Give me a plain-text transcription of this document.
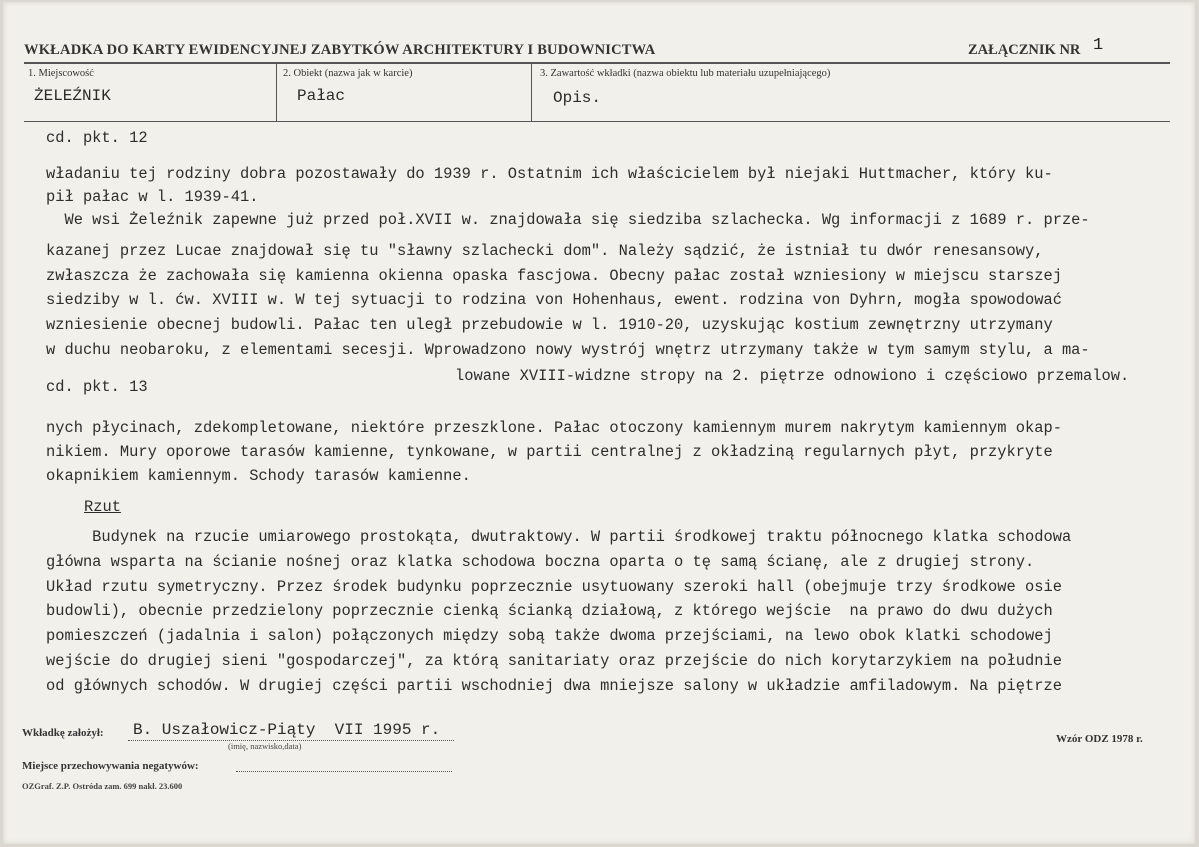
WKŁADKA DO KARTY EWIDENCYJNEJ ZABYTKÓW ARCHITEKTURY I BUDOWNICTWA	ZAŁĄCZNIK NR 1
1. Miejscowość
ŻELEŹNIK
2. Obiekt (nazwa jak w karcie)
Pałac
3. Zawartość wkładki (nazwa obiektu lub materiału uzupełniającego)
Opis.
cd. pkt. 12
władaniu tej rodziny dobra pozostawały do 1939 r. Ostatnim ich właścicielem był niejaki Huttmacher, który ku-
pił pałac w l. 1939-41.
We wsi Żeleźnik zapewne już przed poł.XVII w. znajdowała się siedziba szlachecka. Wg informacji z 1689 r. prze-
kazanej przez Lucae znajdował się tu "sławny szlachecki dom". Należy sądzić, że istniał tu dwór renesansowy,
zwłaszcza że zachowała się kamienna okienna opaska fascjowa. Obecny pałac został wzniesiony w miejscu starszej
siedziby w l. ćw. XVIII w. W tej sytuacji to rodzina von Hohenhaus, ewent. rodzina von Dyhrn, mogła spowodować
wzniesienie obecnej budowli. Pałac ten uległ przebudowie w l. 1910-20, uzyskując kostium zewnętrzny utrzymany
w duchu neobaroku, z elementami secesji. Wprowadzono nowy wystrój wnętrz utrzymany także w tym samym stylu, a ma-
cd. pkt. 13
lowane XVIII-widzne stropy na 2. piętrze odnowiono i częściowo przemalow.
nych płycinach, zdekompletowane, niektóre przeszklone. Pałac otoczony kamiennym murem nakrytym kamiennym okap-
nikiem. Mury oporowe tarasów kamienne, tynkowane, w partii centralnej z okładziną regularnych płyt, przykryte
okapnikiem kamiennym. Schody tarasów kamienne.
Rzut
Budynek na rzucie umiarowego prostokąta, dwutraktowy. W partii środkowej traktu północnego klatka schodowa
główna wsparta na ścianie nośnej oraz klatka schodowa boczna oparta o tę samą ścianę, ale z drugiej strony.
Układ rzutu symetryczny. Przez środek budynku poprzecznie usytuowany szeroki hall (obejmuje trzy środkowe osie
budowli), obecnie przedzielony poprzecznie cienką ścianką działową, z którego wejście  na prawo do dwu dużych
pomieszczeń (jadalnia i salon) połączonych między sobą także dwoma przejściami, na lewo obok klatki schodowej
wejście do drugiej sieni "gospodarczej", za którą sanitariaty oraz przejście do nich korytarzykiem na południe
od głównych schodów. W drugiej części partii wschodniej dwa mniejsze salony w układzie amfiladowym. Na piętrze
Wkładkę założył: B. Uszałowicz-Piąty  VII 1995 r.
(imię, nazwisko,data)
Miejsce przechowywania negatywów:
OZGraf. Z.P. Ostróda zam. 699 nakł. 23.600
Wzór ODZ 1978 r.
